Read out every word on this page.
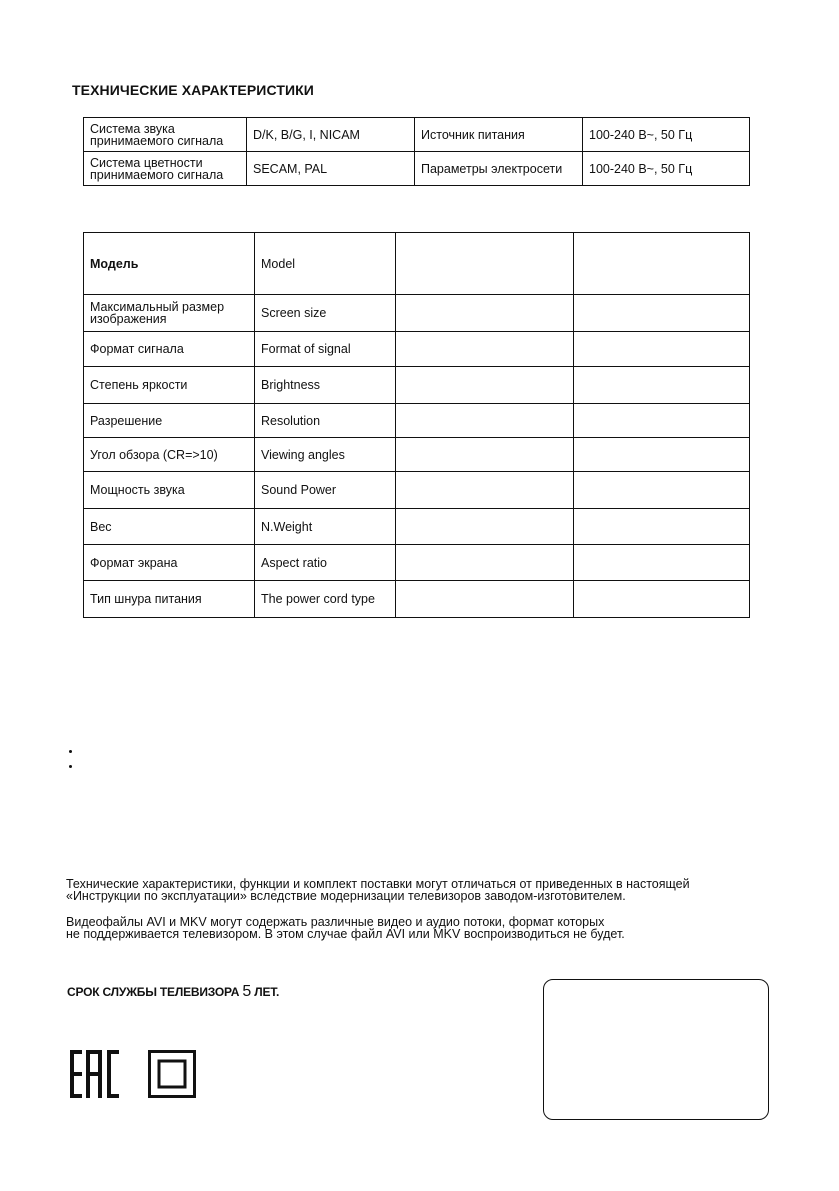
ТЕХНИЧЕСКИЕ ХАРАКТЕРИСТИКИ
Система звука принимаемого сигнала	D/K, B/G, I, NICAM	Источник питания	100-240 В~, 50 Гц
Система цветности принимаемого сигнала	SECAM, PAL	Параметры электросети	100-240 В~, 50 Гц
Модель	Model		
Максимальный размер изображения	Screen size		
Формат сигнала	Format of signal		
Степень яркости	Brightness		
Разрешение	Resolution		
Угол обзора (CR=>10)	Viewing angles		
Мощность звука	Sound Power		
Вес	N.Weight		
Формат экрана	Aspect ratio		
Тип шнура питания	The power cord type		
Технические характеристики, функции и комплект поставки могут отличаться от приведенных в настоящей
«Инструкции по эксплуатации» вследствие модернизации телевизоров заводом-изготовителем.
Видеофайлы AVI и MKV могут содержать различные видео и аудио потоки, формат которых
не поддерживается телевизором. В этом случае файл AVI или MKV воспроизводиться не будет.
СРОК СЛУЖБЫ ТЕЛЕВИЗОРА 5 ЛЕТ.
